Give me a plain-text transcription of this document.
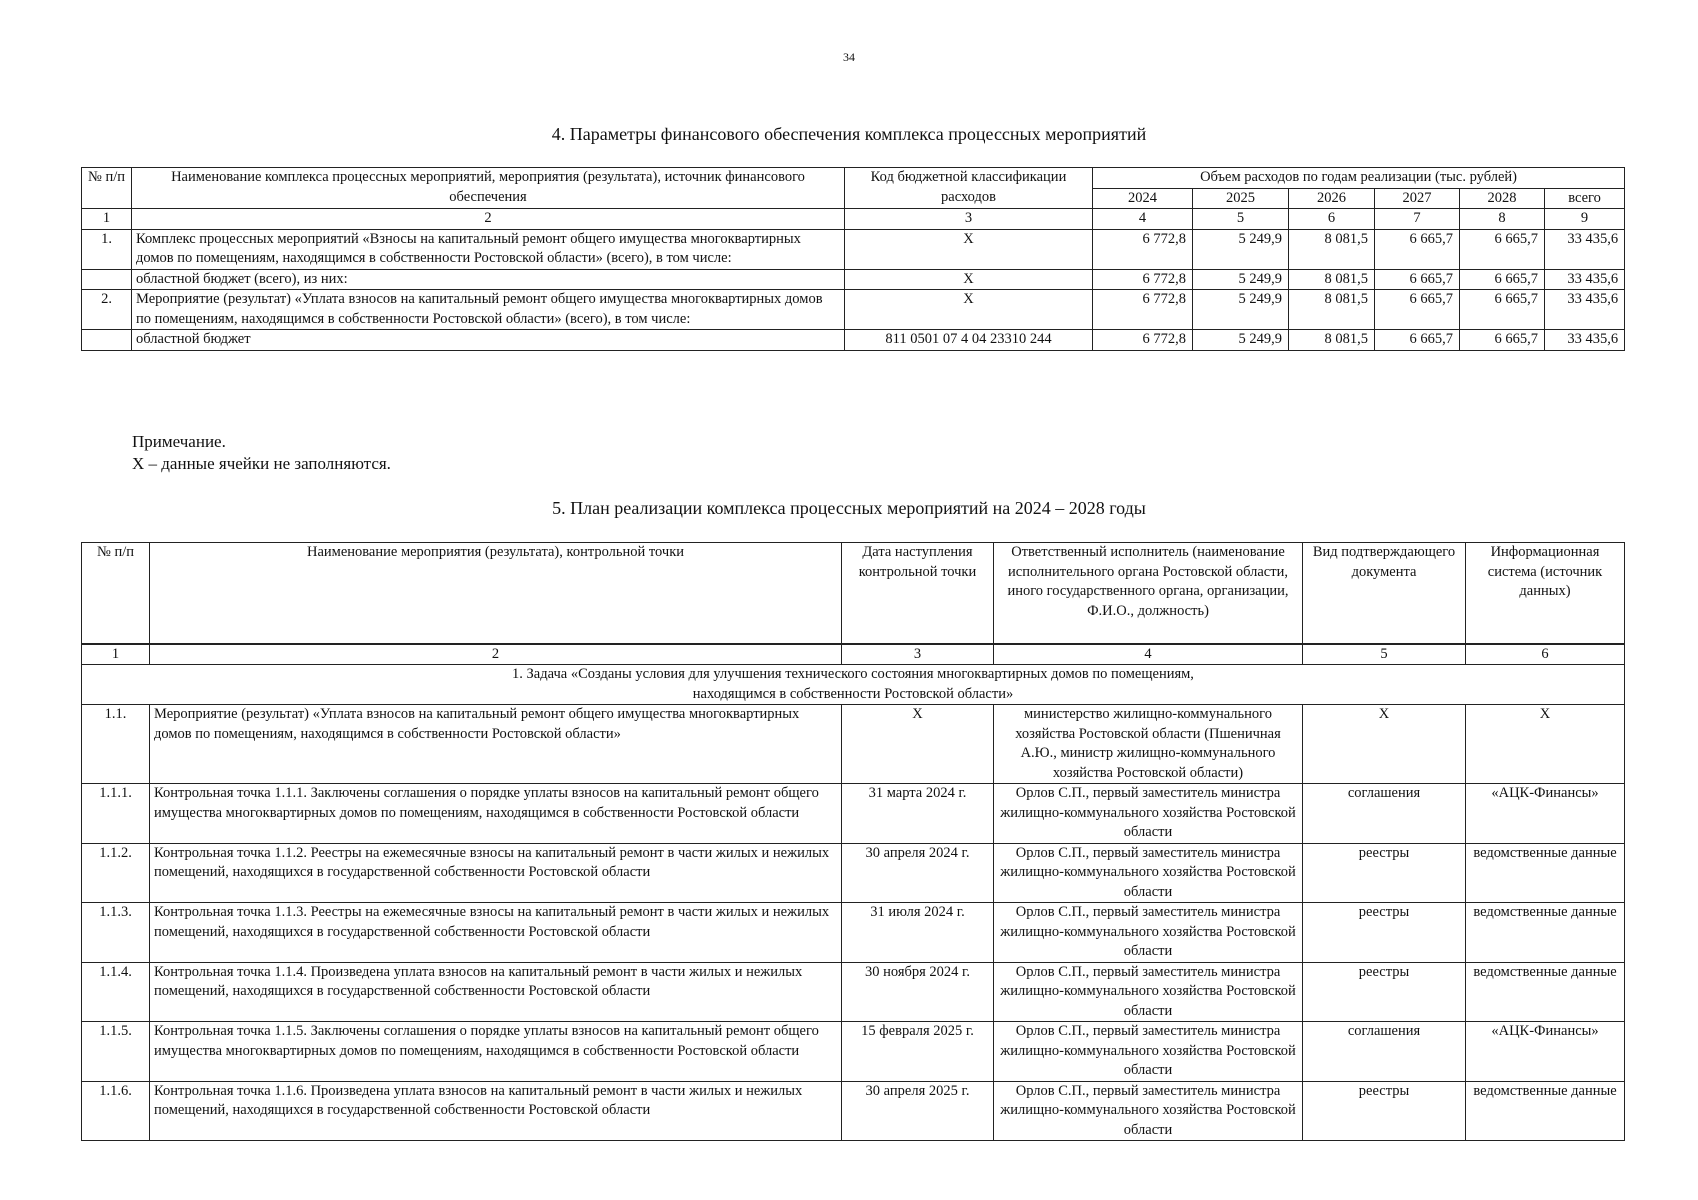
34
4. Параметры финансового обеспечения комплекса процессных мероприятий
№ п/п	Наименование комплекса процессных мероприятий, мероприятия (результата), источник финансового обеспечения	Код бюджетной классификации расходов	Объем расходов по годам реализации (тыс. рублей)					
			2024	2025	2026	2027	2028	всего
1	2	3	4	5	6	7	8	9
1.	Комплекс процессных мероприятий «Взносы на капитальный ремонт общего имущества многоквартирных домов по помещениям, находящимся в собственности Ростовской области» (всего), в том числе:	X	6 772,8	5 249,9	8 081,5	6 665,7	6 665,7	33 435,6
	областной бюджет (всего), из них:	X	6 772,8	5 249,9	8 081,5	6 665,7	6 665,7	33 435,6
2.	Мероприятие (результат) «Уплата взносов на капитальный ремонт общего имущества многоквартирных домов по помещениям, находящимся в собственности Ростовской области» (всего), в том числе:	X	6 772,8	5 249,9	8 081,5	6 665,7	6 665,7	33 435,6
	областной бюджет	811 0501 07 4 04 23310 244	6 772,8	5 249,9	8 081,5	6 665,7	6 665,7	33 435,6
Примечание.
Х – данные ячейки не заполняются.
5. План реализации комплекса процессных мероприятий на 2024 – 2028 годы
№ п/п	Наименование мероприятия (результата), контрольной точки	Дата наступления контрольной точки	Ответственный исполнитель (наименование исполнительного органа Ростовской области, иного государственного органа, организации, Ф.И.О., должность)	Вид подтверждающего документа	Информационная система (источник данных)
1	2	3	4	5	6
1. Задача «Созданы условия для улучшения технического состояния многоквартирных домов по помещениям, находящимся в собственности Ростовской области»					
1.1.	Мероприятие (результат) «Уплата взносов на капитальный ремонт общего имущества многоквартирных домов по помещениям, находящимся в собственности Ростовской области»	Х	министерство жилищно-коммунального хозяйства Ростовской области (Пшеничная А.Ю., министр жилищно-коммунального хозяйства Ростовской области)	Х	Х
1.1.1.	Контрольная точка 1.1.1. Заключены соглашения о порядке уплаты взносов на капитальный ремонт общего имущества многоквартирных домов по помещениям, находящимся в собственности Ростовской области	31 марта 2024 г.	Орлов С.П., первый заместитель министра жилищно-коммунального хозяйства Ростовской области	соглашения	«АЦК-Финансы»
1.1.2.	Контрольная точка 1.1.2. Реестры на ежемесячные взносы на капитальный ремонт в части жилых и нежилых помещений, находящихся в государственной собственности Ростовской области	30 апреля 2024 г.	Орлов С.П., первый заместитель министра жилищно-коммунального хозяйства Ростовской области	реестры	ведомственные данные
1.1.3.	Контрольная точка 1.1.3. Реестры на ежемесячные взносы на капитальный ремонт в части жилых и нежилых помещений, находящихся в государственной собственности Ростовской области	31 июля 2024 г.	Орлов С.П., первый заместитель министра жилищно-коммунального хозяйства Ростовской области	реестры	ведомственные данные
1.1.4.	Контрольная точка 1.1.4. Произведена уплата взносов на капитальный ремонт в части жилых и нежилых помещений, находящихся в государственной собственности Ростовской области	30 ноября 2024 г.	Орлов С.П., первый заместитель министра жилищно-коммунального хозяйства Ростовской области	реестры	ведомственные данные
1.1.5.	Контрольная точка 1.1.5. Заключены соглашения о порядке уплаты взносов на капитальный ремонт общего имущества многоквартирных домов по помещениям, находящимся в собственности Ростовской области	15 февраля 2025 г.	Орлов С.П., первый заместитель министра жилищно-коммунального хозяйства Ростовской области	соглашения	«АЦК-Финансы»
1.1.6.	Контрольная точка 1.1.6. Произведена уплата взносов на капитальный ремонт в части жилых и нежилых помещений, находящихся в государственной собственности Ростовской области	30 апреля 2025 г.	Орлов С.П., первый заместитель министра жилищно-коммунального хозяйства Ростовской области	реестры	ведомственные данные
